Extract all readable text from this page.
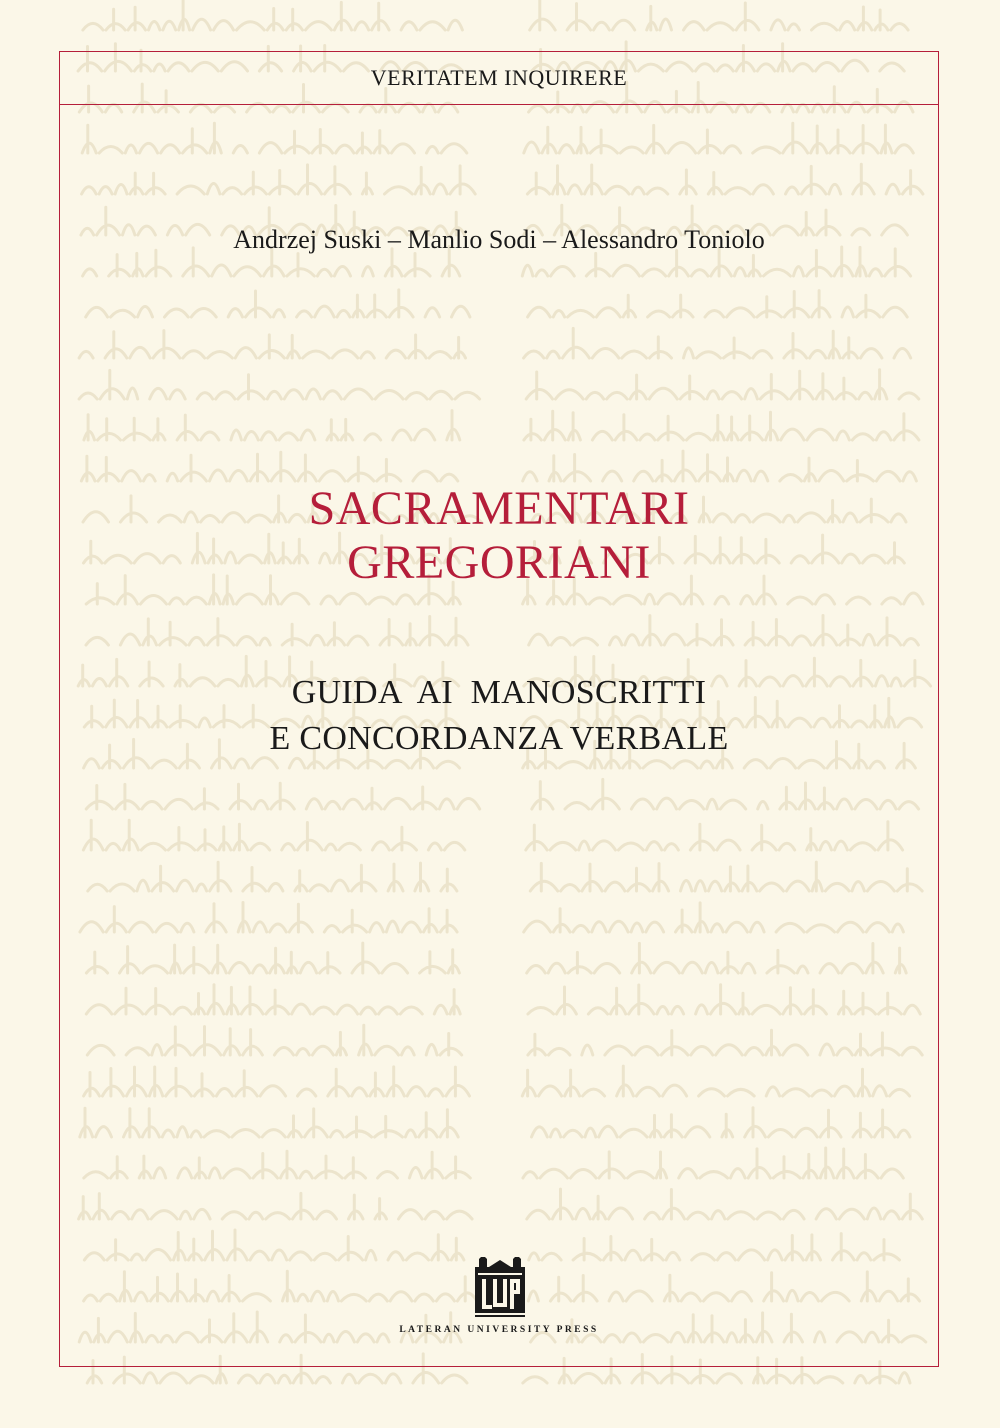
VERITATEM INQUIRERE
Andrzej Suski – Manlio Sodi – Alessandro Toniolo
SACRAMENTARI
GREGORIANI
GUIDA  AI  MANOSCRITTI
E CONCORDANZA VERBALE
LATERAN UNIVERSITY PRESS
